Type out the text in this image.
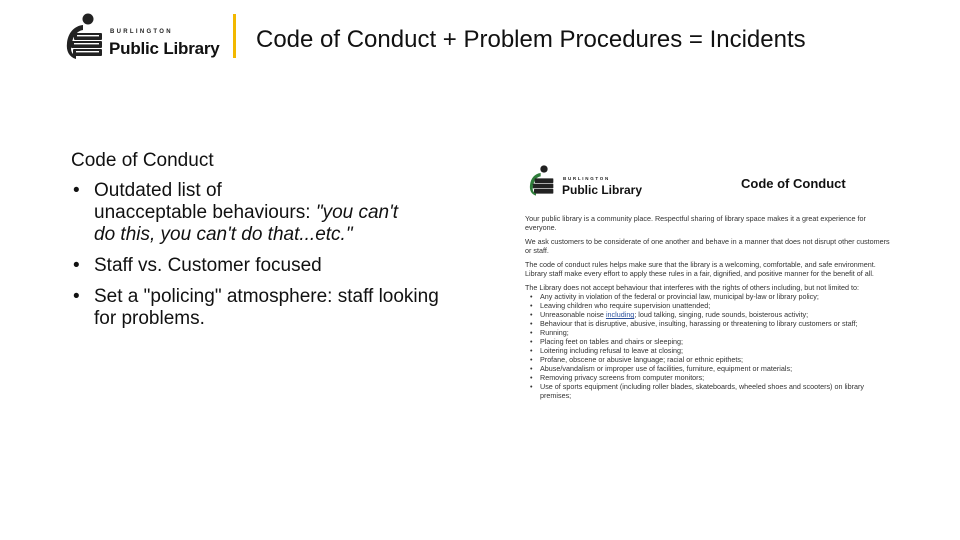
BURLINGTON
Public Library Code of Conduct + Problem Procedures = Incidents
Code of Conduct
• Outdated list of
unacceptable behaviours: "you can't
do this, you can't do that...etc."
• Staff vs. Customer focused
• Set a "policing" atmosphere: staff looking
for problems.
BURLINGTON
Public Library	Code of Conduct

Your public library is a community place. Respectful sharing of library space makes it a great experience for everyone.

We ask customers to be considerate of one another and behave in a manner that does not disrupt other customers or staff.

The code of conduct rules helps make sure that the library is a welcoming, comfortable, and safe environment. Library staff make every effort to apply these rules in a fair, dignified, and positive manner for the benefit of all.

The Library does not accept behaviour that interferes with the rights of others including, but not limited to:

• Any activity in violation of the federal or provincial law, municipal by-law or library policy;
• Leaving children who require supervision unattended;
• Unreasonable noise including; loud talking, singing, rude sounds, boisterous activity;
• Behaviour that is disruptive, abusive, insulting, harassing or threatening to library customers or staff;
• Running;
• Placing feet on tables and chairs or sleeping;
• Loitering including refusal to leave at closing;
• Profane, obscene or abusive language; racial or ethnic epithets;
• Abuse/vandalism or improper use of facilities, furniture, equipment or materials;
• Removing privacy screens from computer monitors;
• Use of sports equipment (including roller blades, skateboards, wheeled shoes and scooters) on library premises;
